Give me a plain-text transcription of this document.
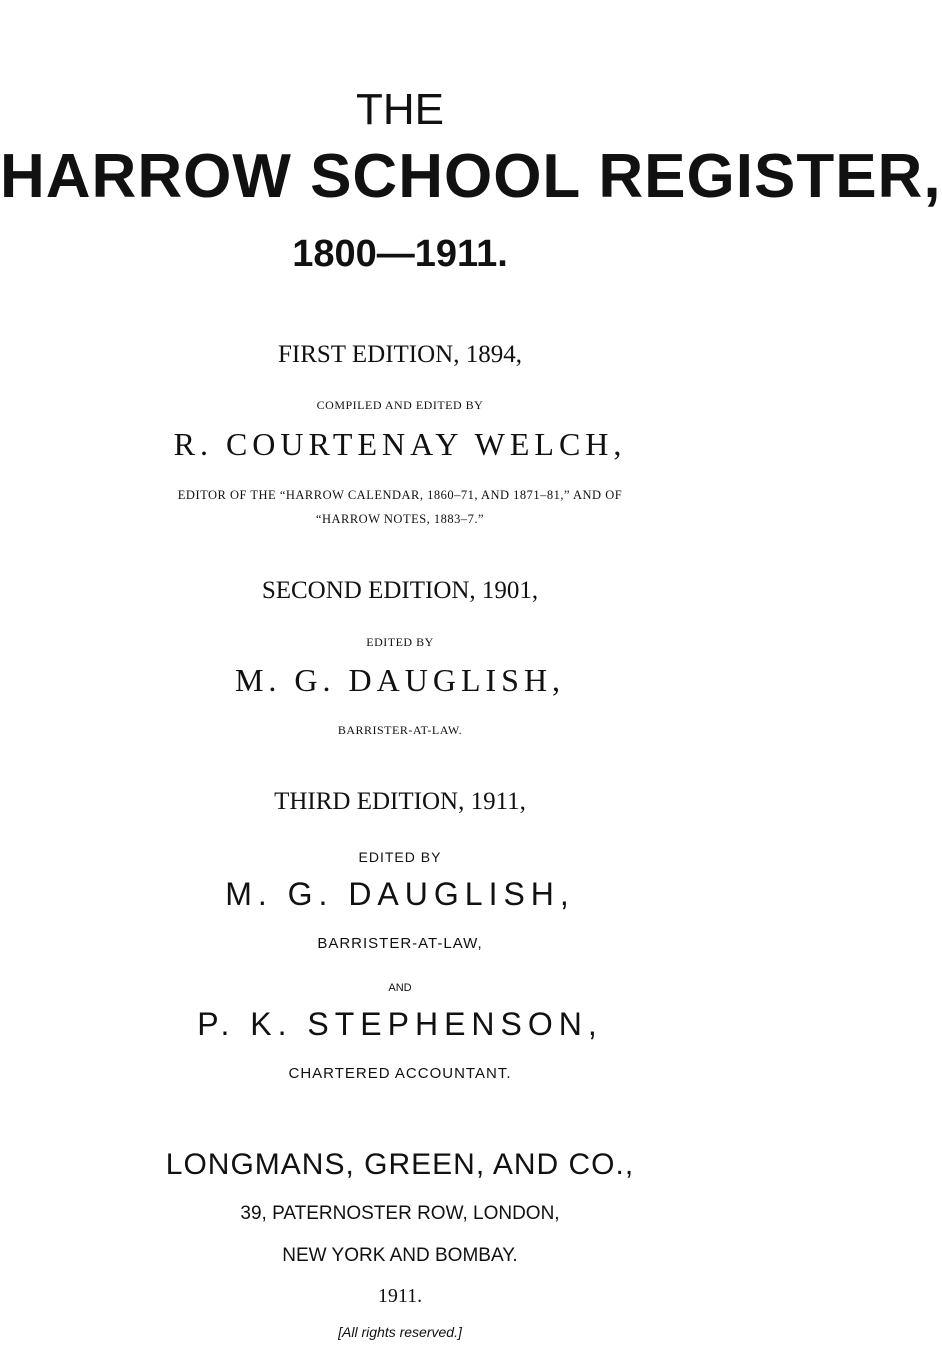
THE
HARROW SCHOOL REGISTER,
1800—1911.
FIRST EDITION, 1894,
COMPILED AND EDITED BY
R. COURTENAY WELCH,
EDITOR OF THE “HARROW CALENDAR, 1860–71, AND 1871–81,” AND OF
“HARROW NOTES, 1883–7.”
SECOND EDITION, 1901,
EDITED BY
M. G. DAUGLISH,
BARRISTER-AT-LAW.
THIRD EDITION, 1911,
EDITED BY
M. G. DAUGLISH,
BARRISTER-AT-LAW,
AND
P. K. STEPHENSON,
CHARTERED ACCOUNTANT.
LONGMANS, GREEN, AND CO.,
39, PATERNOSTER ROW, LONDON,
NEW YORK AND BOMBAY.
1911.
[All rights reserved.]
